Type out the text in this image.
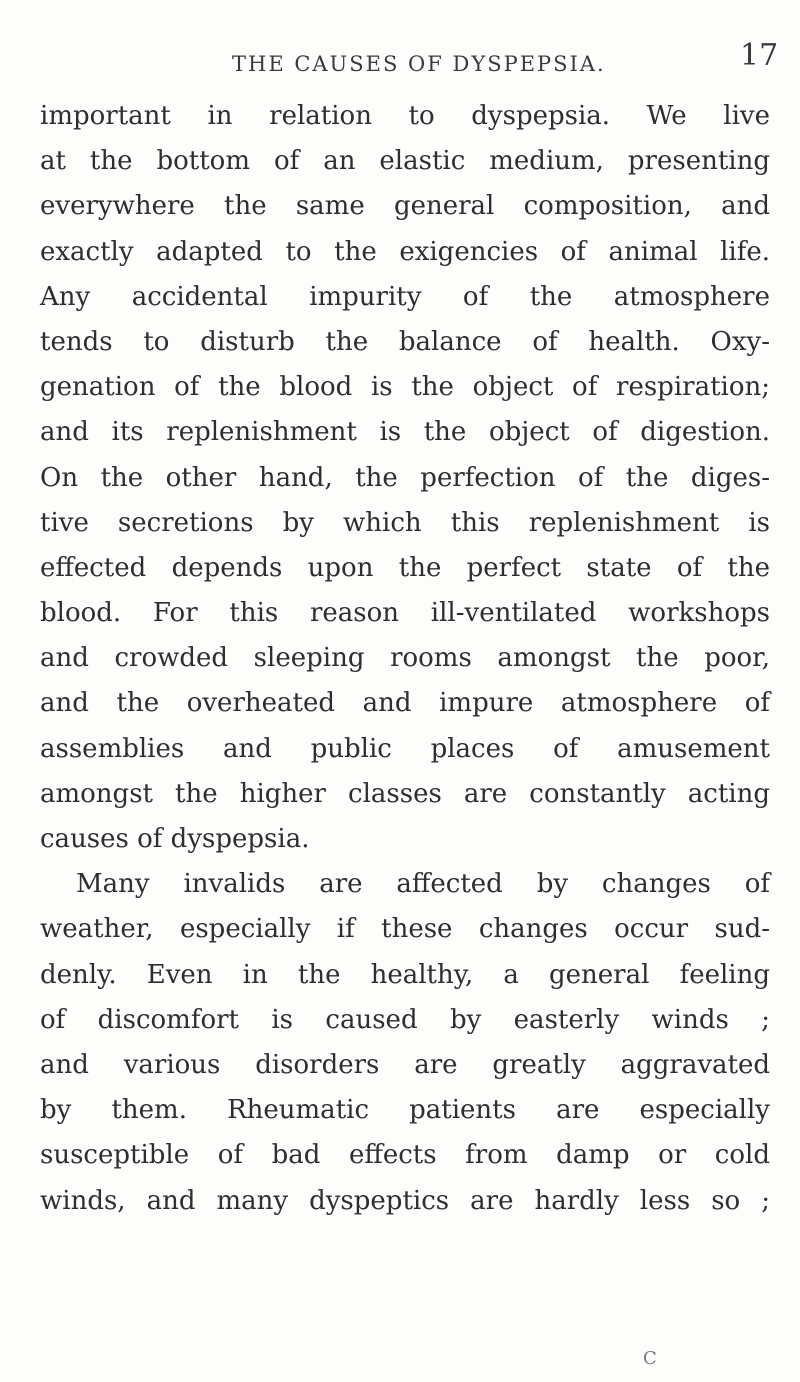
THE CAUSES OF DYSPEPSIA.	17
important in relation to dyspepsia. We live
at the bottom of an elastic medium, presenting
everywhere the same general composition, and
exactly adapted to the exigencies of animal life.
Any accidental impurity of the atmosphere
tends to disturb the balance of health. Oxy-
genation of the blood is the object of respiration;
and its replenishment is the object of digestion.
On the other hand, the perfection of the diges-
tive secretions by which this replenishment is
effected depends upon the perfect state of the
blood. For this reason ill-ventilated workshops
and crowded sleeping rooms amongst the poor,
and the overheated and impure atmosphere of
assemblies and public places of amusement
amongst the higher classes are constantly acting
causes of dyspepsia.
Many invalids are affected by changes of
weather, especially if these changes occur sud-
denly. Even in the healthy, a general feeling
of discomfort is caused by easterly winds ;
and various disorders are greatly aggravated
by them. Rheumatic patients are especially
susceptible of bad effects from damp or cold
winds, and many dyspeptics are hardly less so ;
C
